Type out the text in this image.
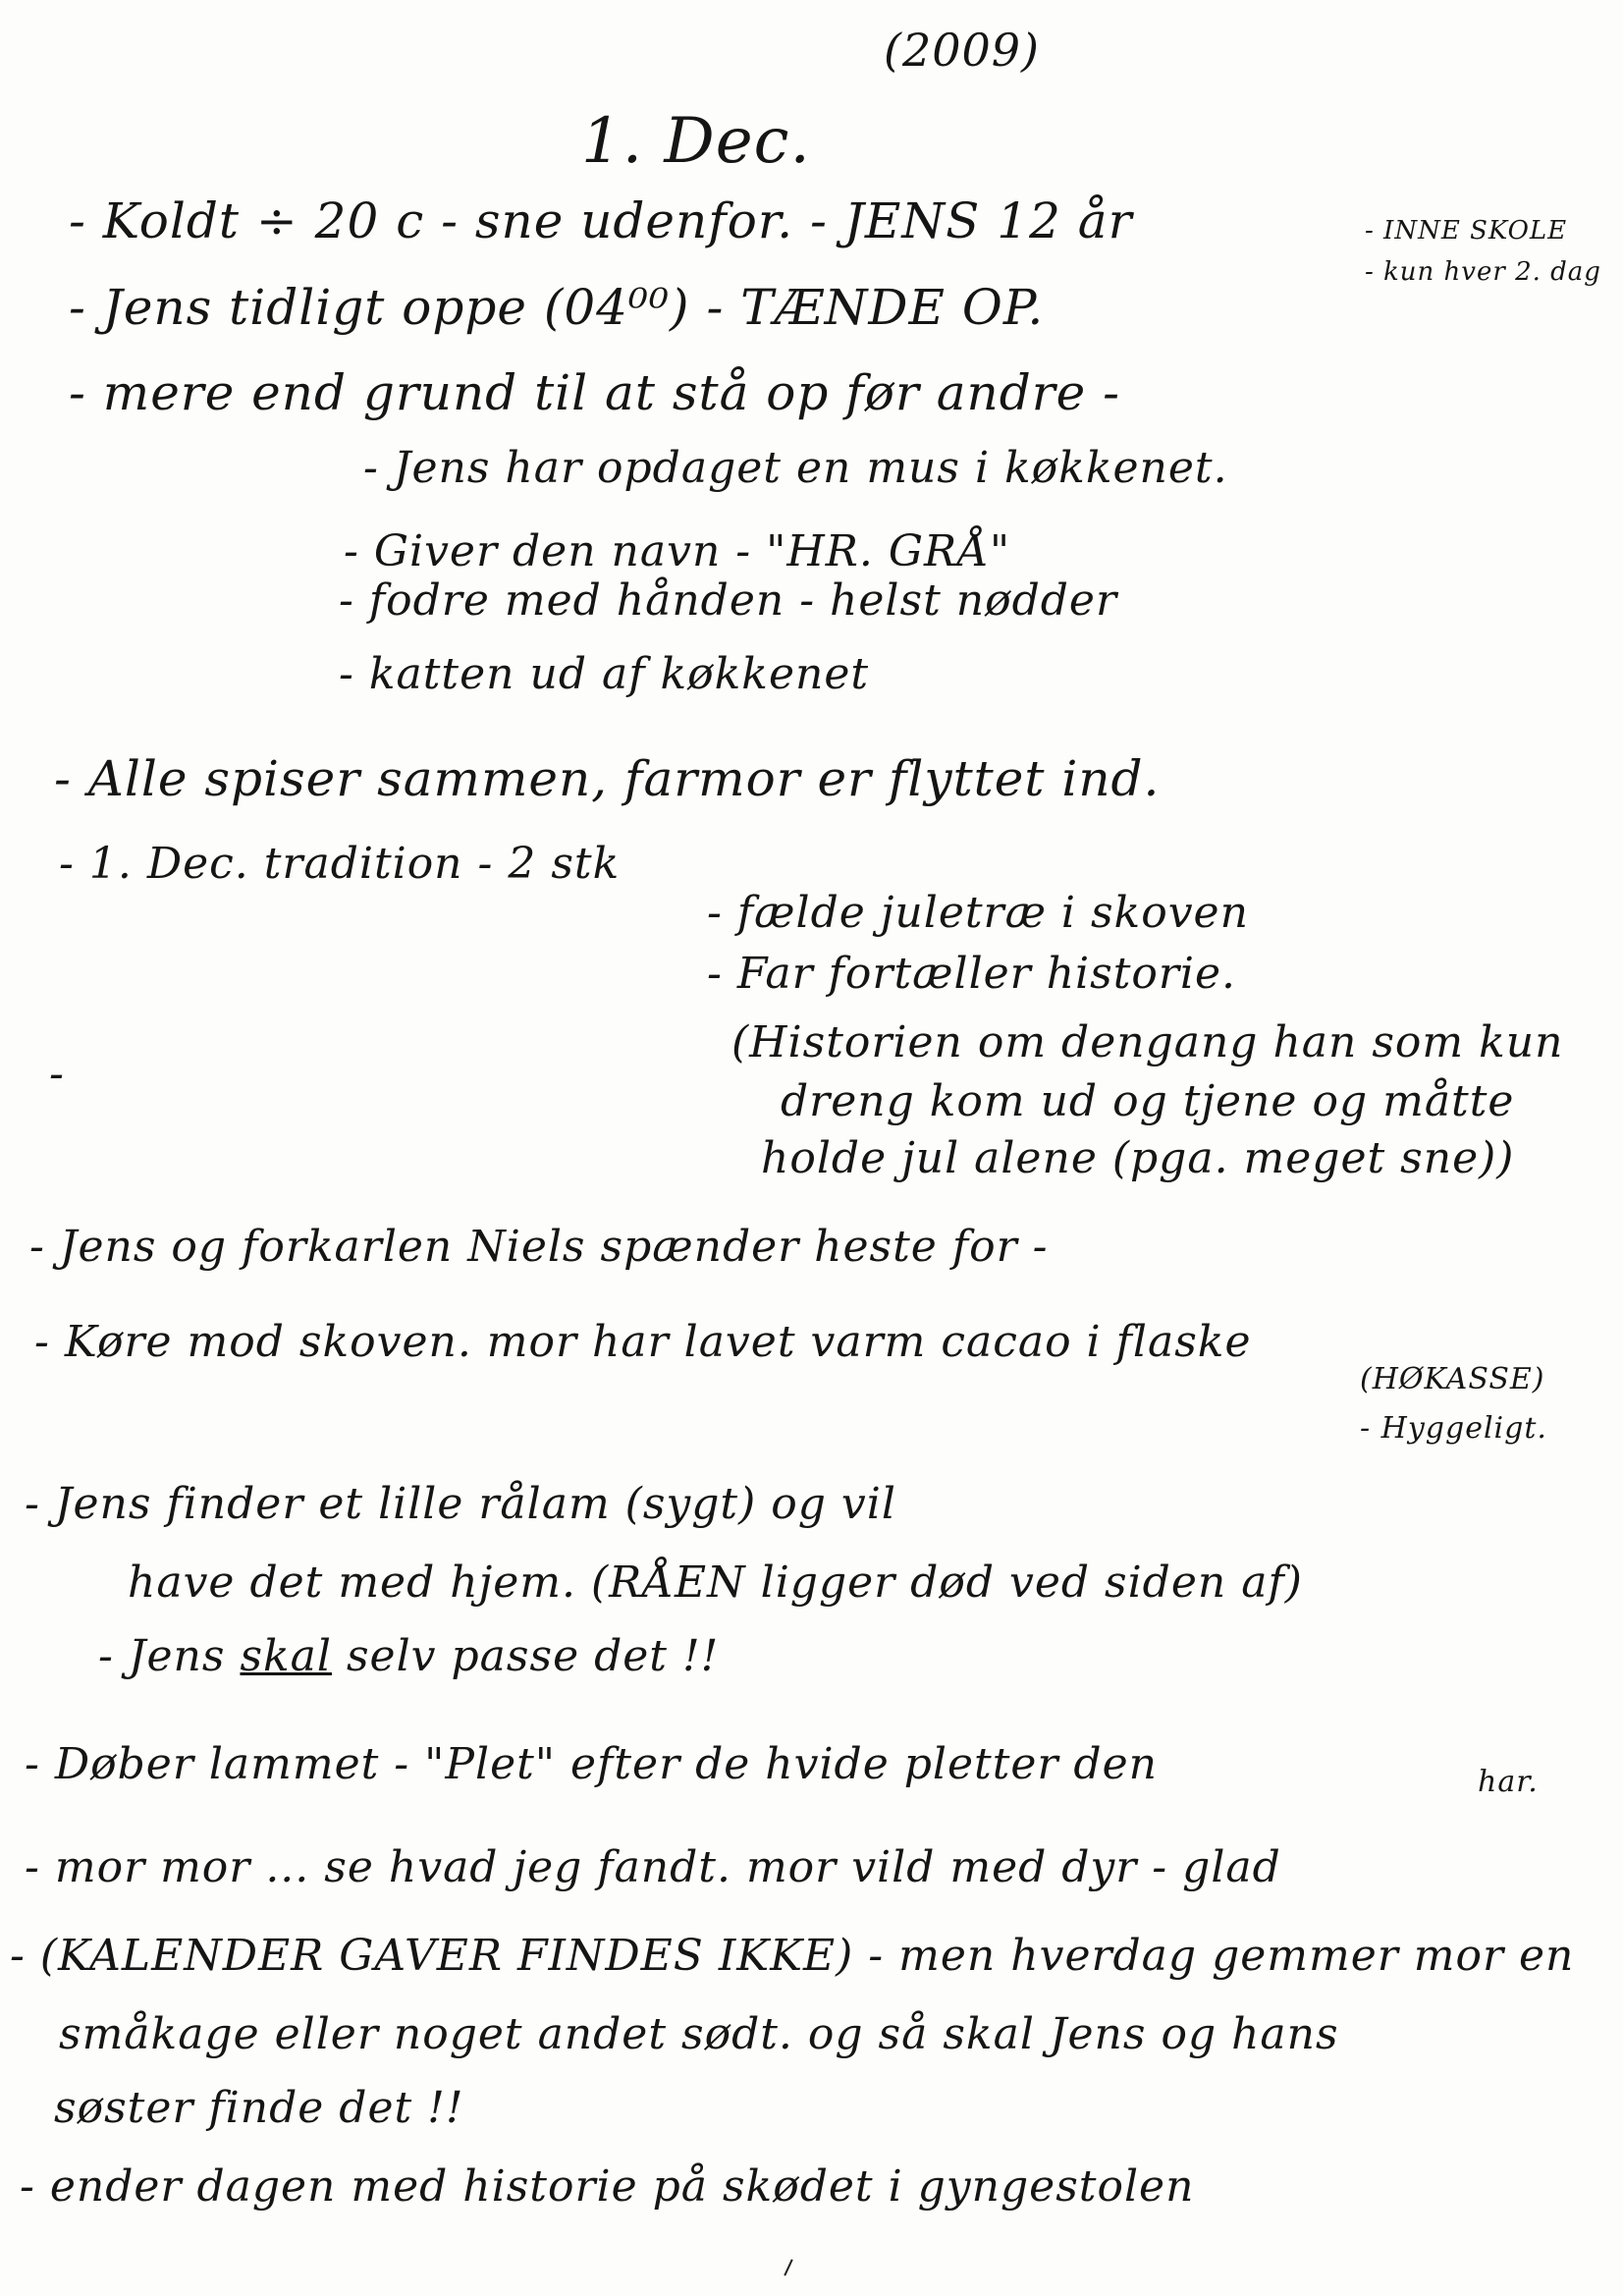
(2009)
1. Dec.
- Koldt ÷ 20 c - sne udenfor. - JENS 12 år	- INNE SKOLE
- kun hver 2. dag
- Jens tidligt oppe (04⁰⁰) - TÆNDE OP.
- mere end grund til at stå op før andre -
- Jens har opdaget en mus i køkkenet.
- Giver den navn - "HR. GRÅ"
- fodre med hånden - helst nødder
- katten ud af køkkenet
- Alle spiser sammen, farmor er flyttet ind.
- 1. Dec. tradition - 2 stk
- fælde juletræ i skoven
- Far fortæller historie.
-
(Historien om dengang han som kun
dreng kom ud og tjene og måtte
holde jul alene (pga. meget sne))
- Jens og forkarlen Niels spænder heste for -
- Køre mod skoven. mor har lavet varm cacao i flaske
(HØKASSE)
- Hyggeligt.
- Jens finder et lille rålam (sygt) og vil
have det med hjem. (RÅEN ligger død ved siden af)
- Jens skal selv passe det !!
- Døber lammet - "Plet" efter de hvide pletter den	har.
- mor mor ... se hvad jeg fandt. mor vild med dyr - glad
- (KALENDER GAVER FINDES IKKE) - men hverdag gemmer mor en
småkage eller noget andet sødt. og så skal Jens og hans
søster finde det !!
- ender dagen med historie på skødet i gyngestolen
